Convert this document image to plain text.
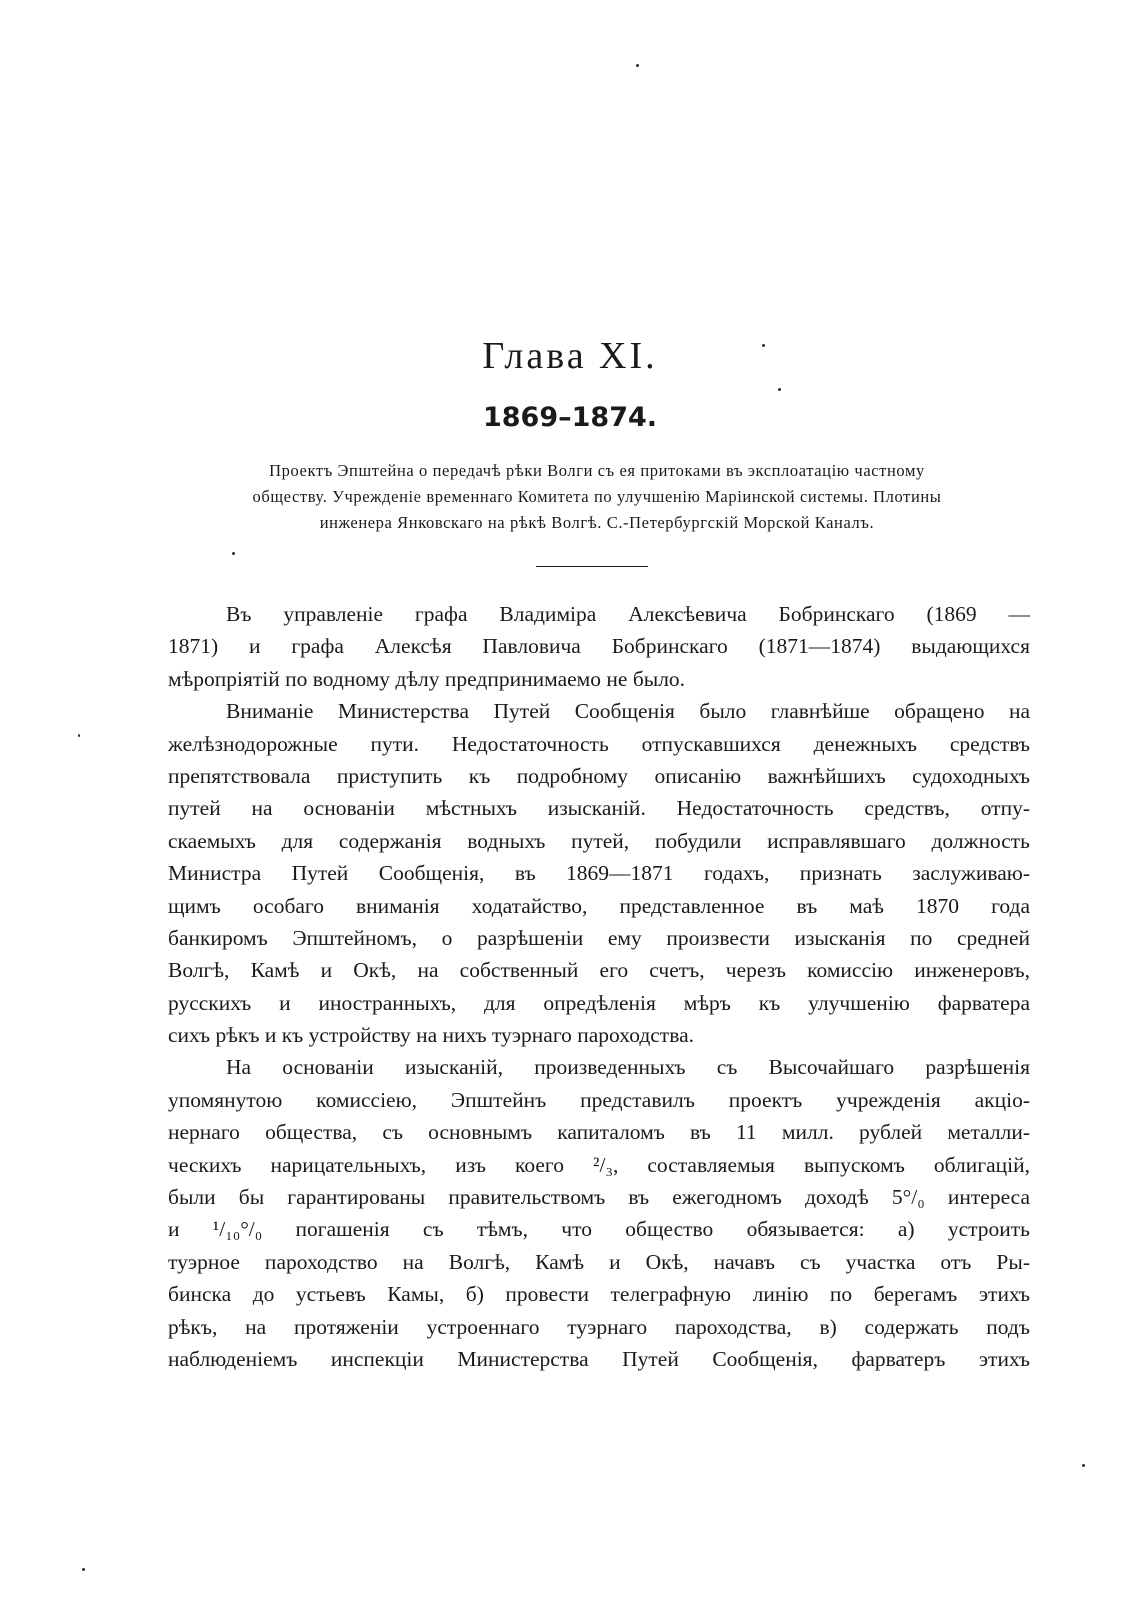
Глава XI.
1869–1874.

Проектъ Эпштейна о передачѣ рѣки Волги съ ея притоками въ эксплоатацію частному
обществу. Учрежденіе временнаго Комитета по улучшенію Маріинской системы. Плотины
инженера Янковскаго на рѣкѣ Волгѣ. С.-Петербургскій Морской Каналъ.

Въ управленіе графа Владиміра Алексѣевича Бобринскаго (1869 —
1871) и графа Алексѣя Павловича Бобринскаго (1871—1874) выдающихся
мѣропріятій по водному дѣлу предпринимаемо не было.
Вниманіе Министерства Путей Сообщенія было главнѣйше обращено на
желѣзнодорожные пути. Недостаточность отпускавшихся денежныхъ средствъ
препятствовала приступить къ подробному описанію важнѣйшихъ судоходныхъ
путей на основаніи мѣстныхъ изысканій. Недостаточность средствъ, отпу-
скаемыхъ для содержанія водныхъ путей, побудили исправлявшаго должность
Министра Путей Сообщенія, въ 1869—1871 годахъ, признать заслуживаю-
щимъ особаго вниманія ходатайство, представленное въ маѣ 1870 года
банкиромъ Эпштейномъ, о разрѣшеніи ему произвести изысканія по средней
Волгѣ, Камѣ и Окѣ, на собственный его счетъ, черезъ комиссію инженеровъ,
русскихъ и иностранныхъ, для опредѣленія мѣръ къ улучшенію фарватера
сихъ рѣкъ и къ устройству на нихъ туэрнаго пароходства.
На основаніи изысканій, произведенныхъ съ Высочайшаго разрѣшенія
упомянутою комиссіею, Эпштейнъ представилъ проектъ учрежденія акціо-
нернаго общества, съ основнымъ капиталомъ въ 11 милл. рублей металли-
ческихъ нарицательныхъ, изъ коего ²/₃, составляемыя выпускомъ облигацій,
были бы гарантированы правительствомъ въ ежегодномъ доходѣ 5°/₀ интереса
и ¹/₁₀°/₀ погашенія съ тѣмъ, что общество обязывается: а) устроить
туэрное пароходство на Волгѣ, Камѣ и Окѣ, начавъ съ участка отъ Ры-
бинска до устьевъ Камы, б) провести телеграфную линію по берегамъ этихъ
рѣкъ, на протяженіи устроеннаго туэрнаго пароходства, в) содержать подъ
наблюденіемъ инспекціи Министерства Путей Сообщенія, фарватеръ этихъ
